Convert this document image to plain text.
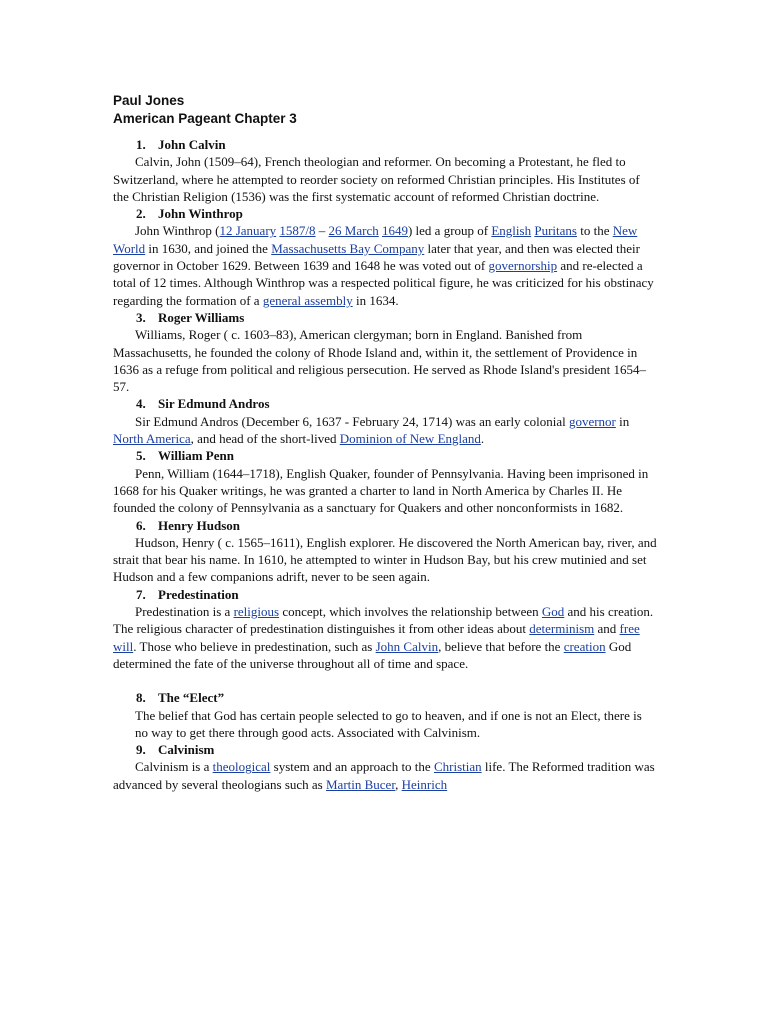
Paul Jones

American Pageant Chapter 3

1. John Calvin

Calvin, John (1509–64), French theologian and reformer. On becoming a Protestant, he fled to Switzerland, where he attempted to reorder society on reformed Christian principles. His Institutes of the Christian Religion (1536) was the first systematic account of reformed Christian doctrine.

2. John Winthrop

John Winthrop (12 January 1587/8 – 26 March 1649) led a group of English Puritans to the New World in 1630, and joined the Massachusetts Bay Company later that year, and then was elected their governor in October 1629. Between 1639 and 1648 he was voted out of governorship and re-elected a total of 12 times. Although Winthrop was a respected political figure, he was criticized for his obstinacy regarding the formation of a general assembly in 1634.

3. Roger Williams

Williams, Roger ( c. 1603–83), American clergyman; born in England. Banished from Massachusetts, he founded the colony of Rhode Island and, within it, the settlement of Providence in 1636 as a refuge from political and religious persecution. He served as Rhode Island's president 1654–57.

4. Sir Edmund Andros

Sir Edmund Andros (December 6, 1637 - February 24, 1714) was an early colonial governor in North America, and head of the short-lived Dominion of New England.

5. William Penn

Penn, William (1644–1718), English Quaker, founder of Pennsylvania. Having been imprisoned in 1668 for his Quaker writings, he was granted a charter to land in North America by Charles II. He founded the colony of Pennsylvania as a sanctuary for Quakers and other nonconformists in 1682.

6. Henry Hudson

Hudson, Henry ( c. 1565–1611), English explorer. He discovered the North American bay, river, and strait that bear his name. In 1610, he attempted to winter in Hudson Bay, but his crew mutinied and set Hudson and a few companions adrift, never to be seen again.

7. Predestination

Predestination is a religious concept, which involves the relationship between God and his creation. The religious character of predestination distinguishes it from other ideas about determinism and free will. Those who believe in predestination, such as John Calvin, believe that before the creation God determined the fate of the universe throughout all of time and space.

8. The “Elect”

The belief that God has certain people selected to go to heaven, and if one is not an Elect, there is no way to get there through good acts. Associated with Calvinism.

9. Calvinism

Calvinism is a theological system and an approach to the Christian life. The Reformed tradition was advanced by several theologians such as Martin Bucer, Heinrich
